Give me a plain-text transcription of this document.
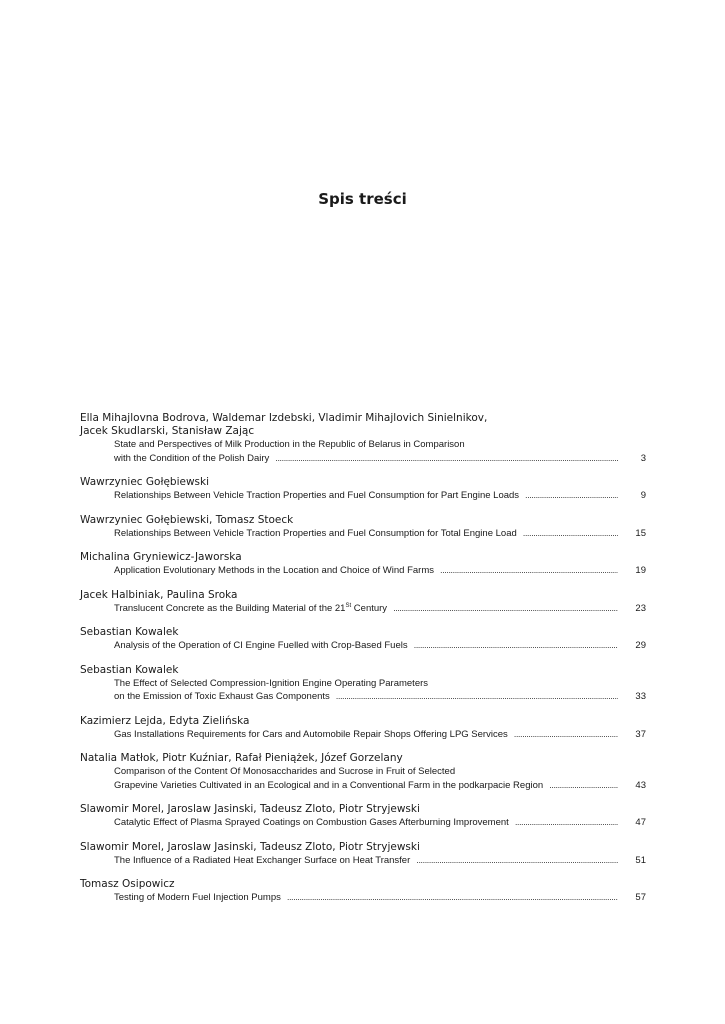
Spis treści
Ella Mihajlovna Bodrova, Waldemar Izdebski, Vladimir Mihajlovich Sinielnikov,
Jacek Skudlarski, Stanisław Zając
State and Perspectives of Milk Production in the Republic of Belarus in Comparison
with the Condition of the Polish Dairy . . .	3
Wawrzyniec Gołębiewski
Relationships Between Vehicle Traction Properties and Fuel Consumption for Part Engine Loads . . .	9
Wawrzyniec Gołębiewski, Tomasz Stoeck
Relationships Between Vehicle Traction Properties and Fuel Consumption for Total Engine Load . . .	15
Michalina Gryniewicz-Jaworska
Application Evolutionary Methods in the Location and Choice of Wind Farms . . .	19
Jacek Halbiniak, Paulina Sroka
Translucent Concrete as the Building Material of the 21St Century . . .	23
Sebastian Kowalek
Analysis of the Operation of CI Engine Fuelled with Crop-Based Fuels . . .	29
Sebastian Kowalek
The Effect of Selected Compression-Ignition Engine Operating Parameters
on the Emission of Toxic Exhaust Gas Components . . .	33
Kazimierz Lejda, Edyta Zielińska
Gas Installations Requirements for Cars and Automobile Repair Shops Offering LPG Services . . .	37
Natalia Matłok, Piotr Kuźniar, Rafał Pieniążek, Józef Gorzelany
Comparison of the Content Of Monosaccharides and Sucrose in Fruit of Selected
Grapevine Varieties Cultivated in an Ecological and in a Conventional Farm in the podkarpacie Region . . .	43
Slawomir Morel, Jaroslaw Jasinski, Tadeusz Zloto, Piotr Stryjewski
Catalytic Effect of Plasma Sprayed Coatings on Combustion Gases Afterburning Improvement . . .	47
Slawomir Morel, Jaroslaw Jasinski, Tadeusz Zloto, Piotr Stryjewski
The Influence of a Radiated Heat Exchanger Surface on Heat Transfer . . .	51
Tomasz Osipowicz
Testing of Modern Fuel Injection Pumps . . .	57
